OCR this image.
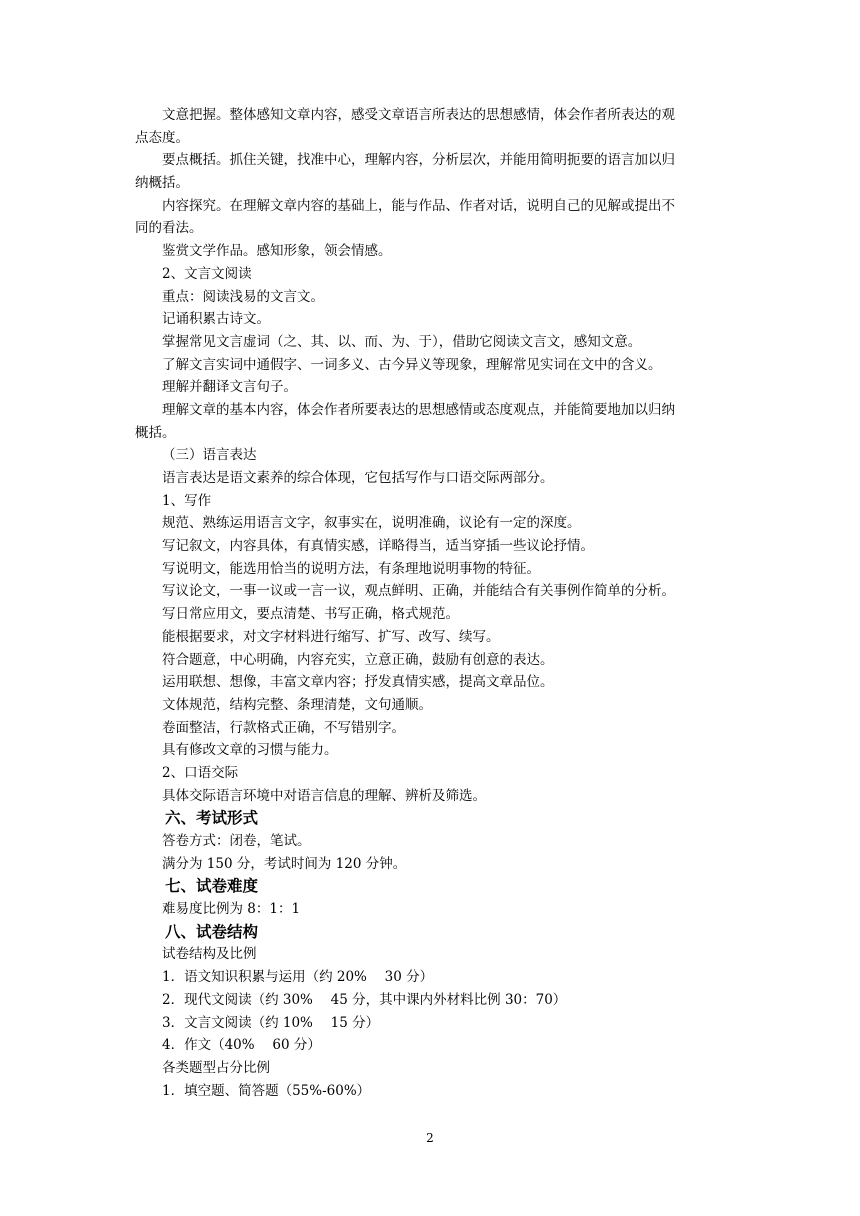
文意把握。整体感知文章内容，感受文章语言所表达的思想感情，体会作者所表达的观
点态度。
要点概括。抓住关键，找准中心，理解内容，分析层次，并能用简明扼要的语言加以归
纳概括。
内容探究。在理解文章内容的基础上，能与作品、作者对话，说明自己的见解或提出不
同的看法。
鉴赏文学作品。感知形象，领会情感。
2、文言文阅读
重点：阅读浅易的文言文。
记诵积累古诗文。
掌握常见文言虚词（之、其、以、而、为、于），借助它阅读文言文，感知文意。
了解文言实词中通假字、一词多义、古今异义等现象，理解常见实词在文中的含义。
理解并翻译文言句子。
理解文章的基本内容，体会作者所要表达的思想感情或态度观点，并能简要地加以归纳
概括。
（三）语言表达
语言表达是语文素养的综合体现，它包括写作与口语交际两部分。
1、写作
规范、熟练运用语言文字，叙事实在，说明准确，议论有一定的深度。
写记叙文，内容具体，有真情实感，详略得当，适当穿插一些议论抒情。
写说明文，能选用恰当的说明方法，有条理地说明事物的特征。
写议论文，一事一议或一言一议，观点鲜明、正确，并能结合有关事例作简单的分析。
写日常应用文，要点清楚、书写正确，格式规范。
能根据要求，对文字材料进行缩写、扩写、改写、续写。
符合题意，中心明确，内容充实，立意正确，鼓励有创意的表达。
运用联想、想像，丰富文章内容；抒发真情实感，提高文章品位。
文体规范，结构完整、条理清楚，文句通顺。
卷面整洁，行款格式正确，不写错别字。
具有修改文章的习惯与能力。
2、口语交际
具体交际语言环境中对语言信息的理解、辨析及筛选。
六、考试形式
答卷方式：闭卷，笔试。
满分为 150 分，考试时间为 120 分钟。
七、试卷难度
难易度比例为 8：1：1
八、试卷结构
试卷结构及比例
1．语文知识积累与运用（约 20%　 30 分）
2．现代文阅读（约 30%　 45 分，其中课内外材料比例 30：70）
3．文言文阅读（约 10%　 15 分）
4．作文（40%　 60 分）
各类题型占分比例
1．填空题、简答题（55%-60%）
2
